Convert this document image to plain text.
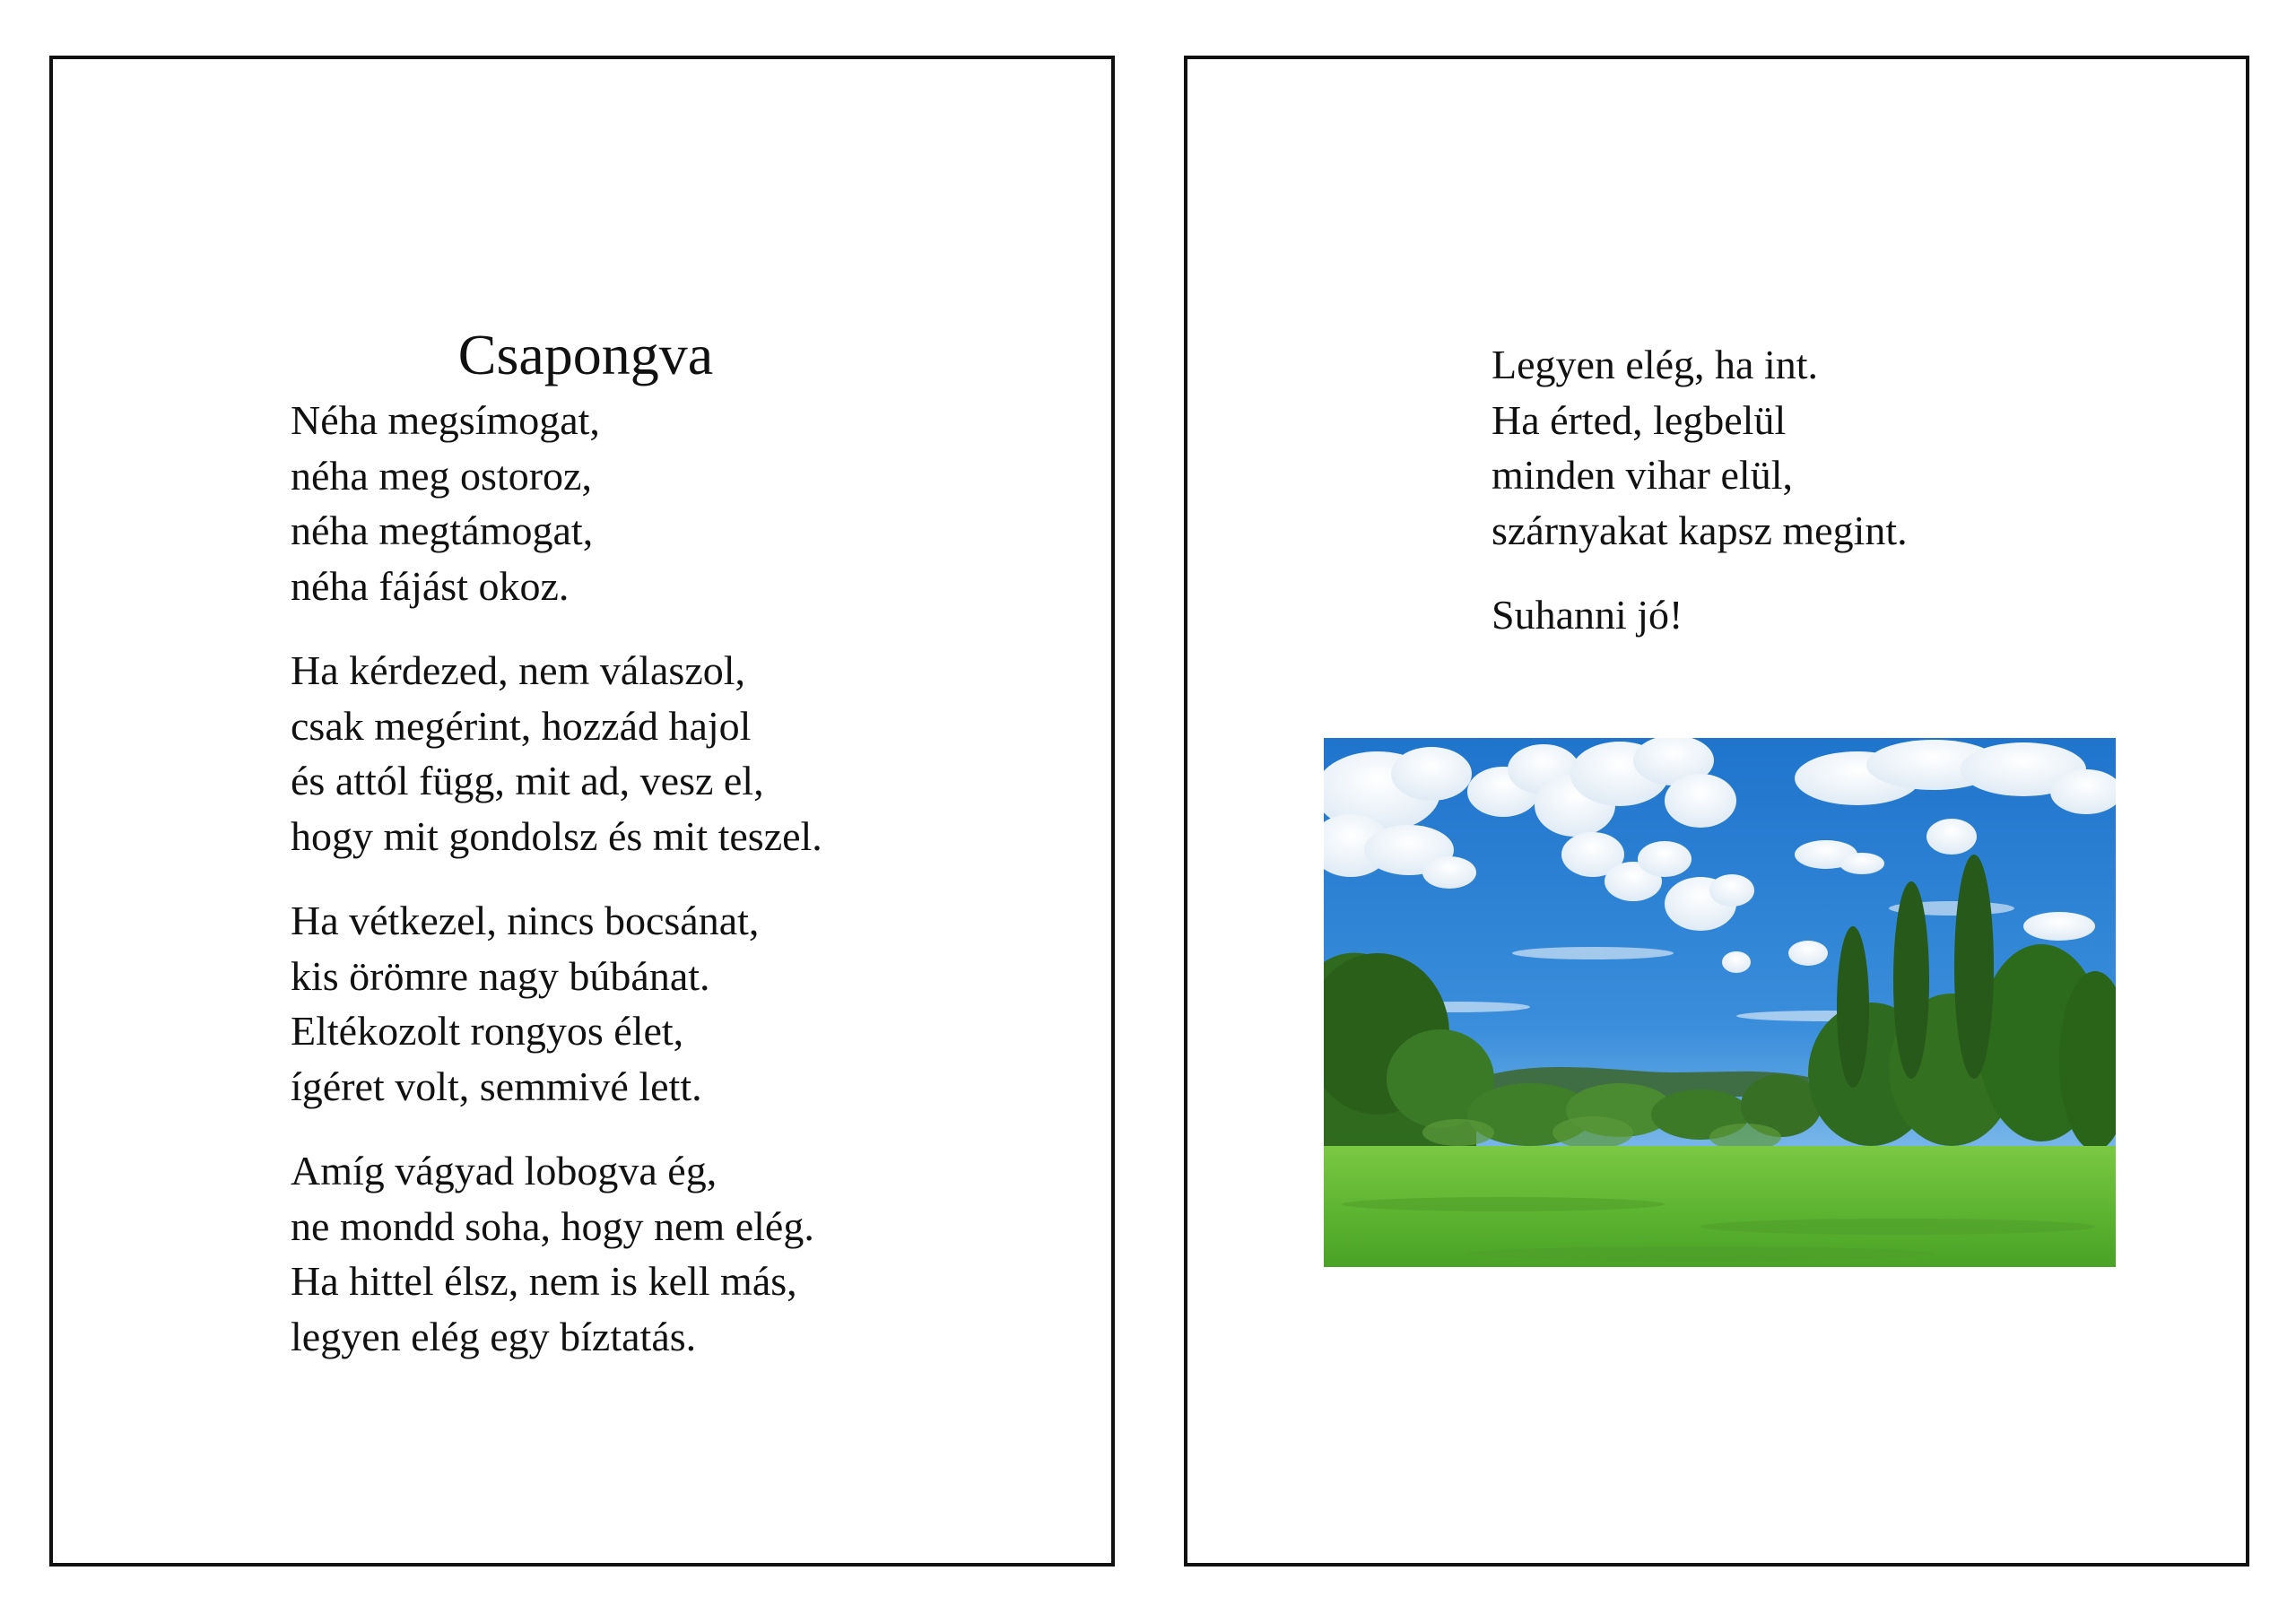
Csapongva

Néha megsímogat,
néha meg ostoroz,
néha megtámogat,
néha fájást okoz.

Ha kérdezed, nem válaszol,
csak megérint, hozzád hajol
és attól függ, mit ad, vesz el,
hogy mit gondolsz és mit teszel.

Ha vétkezel, nincs bocsánat,
kis örömre nagy búbánat.
Eltékozolt rongyos élet,
ígéret volt, semmivé lett.

Amíg vágyad lobogva ég,
ne mondd soha, hogy nem elég.
Ha hittel élsz, nem is kell más,
legyen elég egy bíztatás.

Legyen elég, ha int.
Ha érted, legbelül
minden vihar elül,
szárnyakat kapsz megint.

Suhanni jó!
